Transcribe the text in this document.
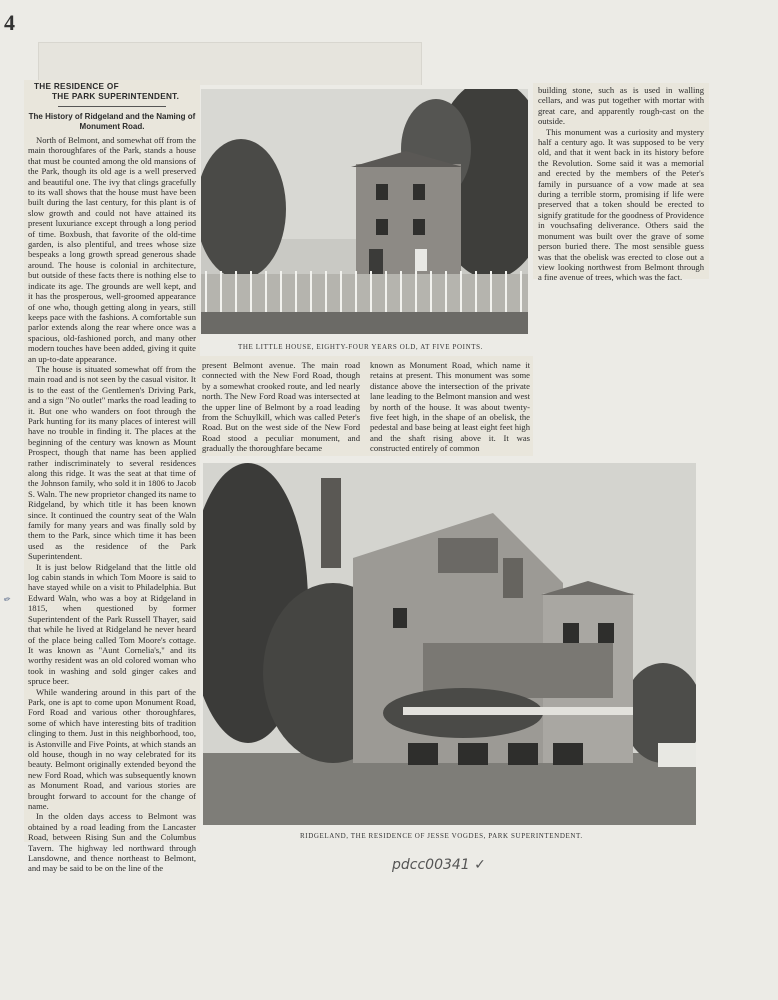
4
THE RESIDENCE OF
THE PARK SUPERINTENDENT.
The History of Ridgeland and the Naming of Monument Road.

North of Belmont, and somewhat off from the main thoroughfares of the Park, stands a house that must be counted among the old mansions of the Park, though its old age is a well preserved and beautiful one. The ivy that clings gracefully to its wall shows that the house must have been built during the last century, for this plant is of slow growth and could not have attained its present luxuriance except through a long period of time. Boxbush, that favorite of the old-time garden, is also plentiful, and trees whose size bespeaks a long growth spread generous shade around. The house is colonial in architecture, but outside of these facts there is nothing else to indicate its age. The grounds are well kept, and it has the prosperous, well-groomed appearance of one who, though getting along in years, still keeps pace with the fashions. A comfortable sun parlor extends along the rear where once was a spacious, old-fashioned porch, and many other modern touches have been added, giving it quite an up-to-date appearance.

The house is situated somewhat off from the main road and is not seen by the casual visitor. It is to the east of the Gentlemen's Driving Park, and a sign "No outlet" marks the road leading to it. But one who wanders on foot through the Park hunting for its many places of interest will have no trouble in finding it. The places at the beginning of the century was known as Mount Prospect, though that name has been applied rather indiscriminately to several residences along this ridge. It was the seat at that time of the Johnson family, who sold it in 1806 to Jacob S. Waln. The new proprietor changed its name to Ridgeland, by which title it has been known since. It continued the country seat of the Waln family for many years and was finally sold by them to the Park, since which time it has been used as the residence of the Park Superintendent.

It is just below Ridgeland that the little old log cabin stands in which Tom Moore is said to have stayed while on a visit to Philadelphia. But Edward Waln, who was a boy at Ridgeland in 1815, when questioned by former Superintendent of the Park Russell Thayer, said that while he lived at Ridgeland he never heard of the place being called Tom Moore's cottage. It was known as "Aunt Cornelia's," and its worthy resident was an old colored woman who took in washing and sold ginger cakes and spruce beer.

While wandering around in this part of the Park, one is apt to come upon Monument Road, Ford Road and various other thoroughfares, some of which have interesting bits of tradition clinging to them. Just in this neighborhood, too, is Astonville and Five Points, at which stands an old house, though in no way celebrated for its beauty. Belmont originally extended beyond the new Ford Road, which was subsequently known as Monument Road, and various stories are brought forward to account for the change of name.

In the olden days access to Belmont was obtained by a road leading from the Lancaster Road, between Rising Sun and the Columbus Tavern. The highway led northward through Lansdowne, and thence northeast to Belmont, and may be said to be on the line of the

THE LITTLE HOUSE, EIGHTY-FOUR YEARS OLD, AT FIVE POINTS.

building stone, such as is used in walling cellars, and was put together with mortar with great care, and apparently rough-cast on the outside.

This monument was a curiosity and mystery half a century ago. It was supposed to be very old, and that it went back in its history before the Revolution. Some said it was a memorial and erected by the members of the Peter's family in pursuance of a vow made at sea during a terrible storm, promising if life were preserved that a token should be erected to signify gratitude for the goodness of Providence in vouchsafing deliverance. Others said the monument was built over the grave of some person buried there. The most sensible guess was that the obelisk was erected to close out a view looking northwest from Belmont through a fine avenue of trees, which was the fact.

present Belmont avenue. The main road connected with the New Ford Road, though by a somewhat crooked route, and led nearly north. The New Ford Road was intersected at the upper line of Belmont by a road leading from the Schuylkill, which was called Peter's Road. But on the west side of the New Ford Road stood a peculiar monument, and gradually the thoroughfare became
known as Monument Road, which name it retains at present. This monument was some distance above the intersection of the private lane leading to the Belmont mansion and west by north of the house. It was about twenty-five feet high, in the shape of an obelisk, the pedestal and base being at least eight feet high and the shaft rising above it. It was constructed entirely of common
RIDGELAND, THE RESIDENCE OF JESSE VOGDES, PARK SUPERINTENDENT.
pdcc00341 ✓
✎
